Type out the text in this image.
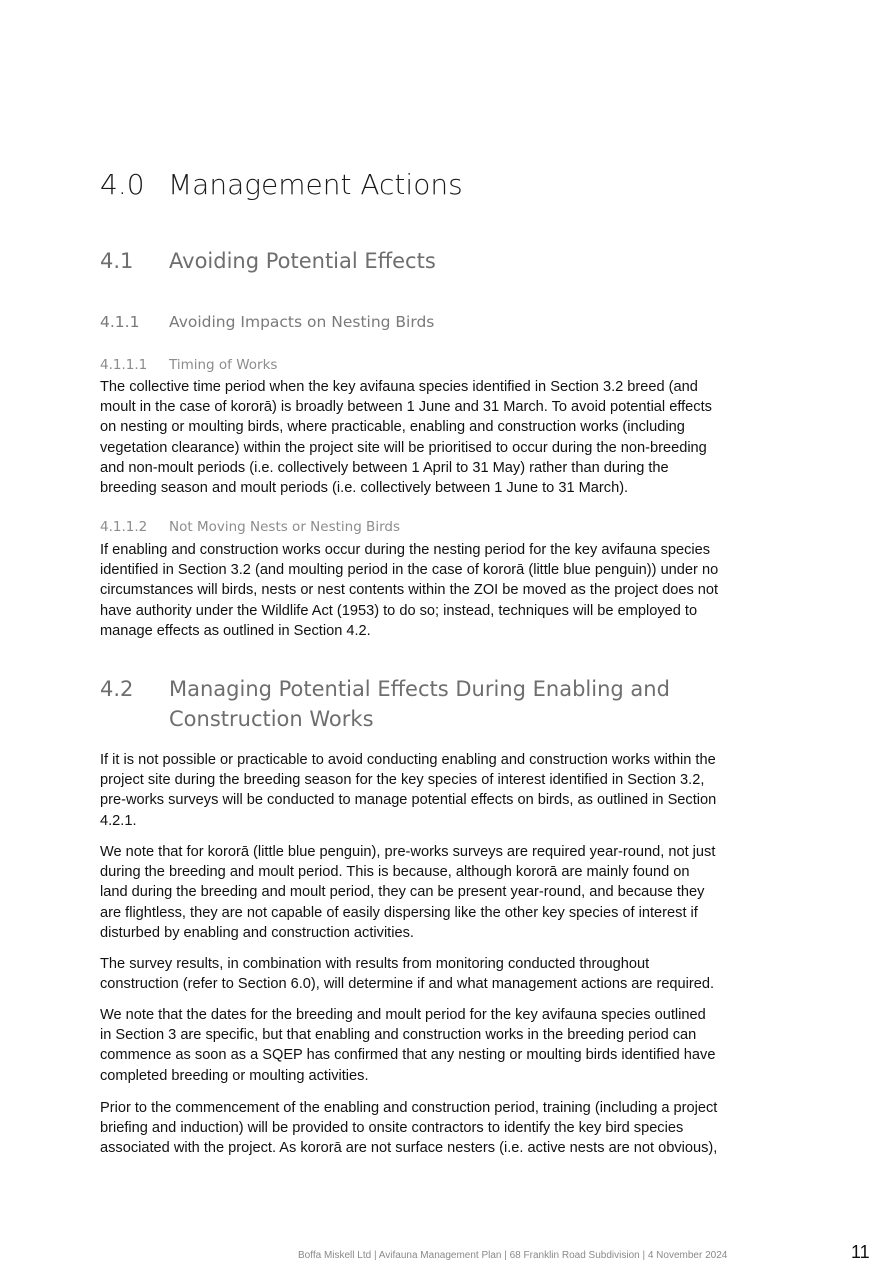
4.0 Management Actions
4.1 Avoiding Potential Effects
4.1.1 Avoiding Impacts on Nesting Birds
4.1.1.1 Timing of Works
The collective time period when the key avifauna species identified in Section 3.2 breed (and
moult in the case of kororā) is broadly between 1 June and 31 March. To avoid potential effects
on nesting or moulting birds, where practicable, enabling and construction works (including
vegetation clearance) within the project site will be prioritised to occur during the non-breeding
and non-moult periods (i.e. collectively between 1 April to 31 May) rather than during the
breeding season and moult periods (i.e. collectively between 1 June to 31 March).
4.1.1.2 Not Moving Nests or Nesting Birds
If enabling and construction works occur during the nesting period for the key avifauna species
identified in Section 3.2 (and moulting period in the case of kororā (little blue penguin)) under no
circumstances will birds, nests or nest contents within the ZOI be moved as the project does not
have authority under the Wildlife Act (1953) to do so; instead, techniques will be employed to
manage effects as outlined in Section 4.2.
4.2 Managing Potential Effects During Enabling and
Construction Works
If it is not possible or practicable to avoid conducting enabling and construction works within the
project site during the breeding season for the key species of interest identified in Section 3.2,
pre-works surveys will be conducted to manage potential effects on birds, as outlined in Section
4.2.1.
We note that for kororā (little blue penguin), pre-works surveys are required year-round, not just
during the breeding and moult period. This is because, although kororā are mainly found on
land during the breeding and moult period, they can be present year-round, and because they
are flightless, they are not capable of easily dispersing like the other key species of interest if
disturbed by enabling and construction activities.
The survey results, in combination with results from monitoring conducted throughout
construction (refer to Section 6.0), will determine if and what management actions are required.
We note that the dates for the breeding and moult period for the key avifauna species outlined
in Section 3 are specific, but that enabling and construction works in the breeding period can
commence as soon as a SQEP has confirmed that any nesting or moulting birds identified have
completed breeding or moulting activities.
Prior to the commencement of the enabling and construction period, training (including a project
briefing and induction) will be provided to onsite contractors to identify the key bird species
associated with the project. As kororā are not surface nesters (i.e. active nests are not obvious),
Boffa Miskell Ltd | Avifauna Management Plan | 68 Franklin Road Subdivision | 4 November 2024	11
